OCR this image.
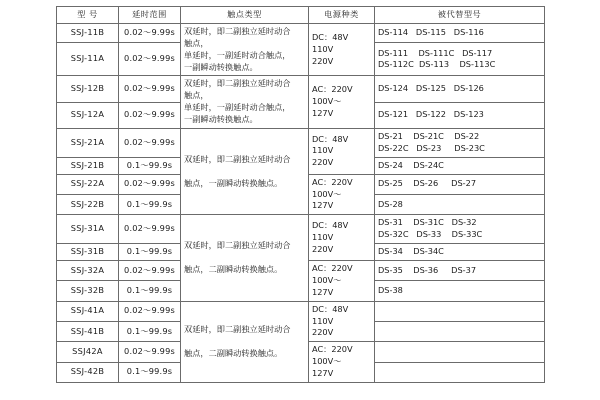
型 号	延时范围	触点类型	电源种类	被代替型号
SSJ-11B	0.02～9.99s	双延时，即二副独立延时动合
触点，
单延时，一副延时动合触点，
一副瞬动转换触点。	DC：48V
110V
220V	DS-114   DS-115   DS-116

SSJ-11A	0.02～9.99s			DS-111    DS-111C   DS-117
DS-112C  DS-113    DS-113C

SSJ-12B	0.02～9.99s	双延时，即二副独立延时动合
触点，
单延时，一副延时动合触点，
一副瞬动转换触点。	AC：220V
100V～
127V	DS-124   DS-125   DS-126

SSJ-12A	0.02～9.99s			DS-121   DS-122   DS-123

SSJ-21A	0.02～9.99s	双延时，即二副独立延时动合

触点，一副瞬动转换触点。	DC：48V
110V
220V	DS-21    DS-21C    DS-22
DS-22C   DS-23     DS-23C

SSJ-21B	0.1～99.9s			DS-24    DS-24C

SSJ-22A	0.02～9.99s		AC：220V
100V～
127V	DS-25    DS-26     DS-27

SSJ-22B	0.1～99.9s			DS-28

SSJ-31A	0.02～9.99s	双延时，即二副独立延时动合

触点，二副瞬动转换触点。	DC：48V
110V
220V	DS-31    DS-31C   DS-32
DS-32C   DS-33    DS-33C

SSJ-31B	0.1～99.9s			DS-34    DS-34C

SSJ-32A	0.02～9.99s		AC：220V
100V～
127V	DS-35    DS-36     DS-37

SSJ-32B	0.1～99.9s			DS-38

SSJ-41A	0.02～9.99s	双延时，即二副独立延时动合

触点，二副瞬动转换触点。	DC：48V
110V
220V	

SSJ-41B	0.1～99.9s			

SSJ42A	0.02～9.99s		AC：220V
100V～
127V	

SSJ-42B	0.1～99.9s			
